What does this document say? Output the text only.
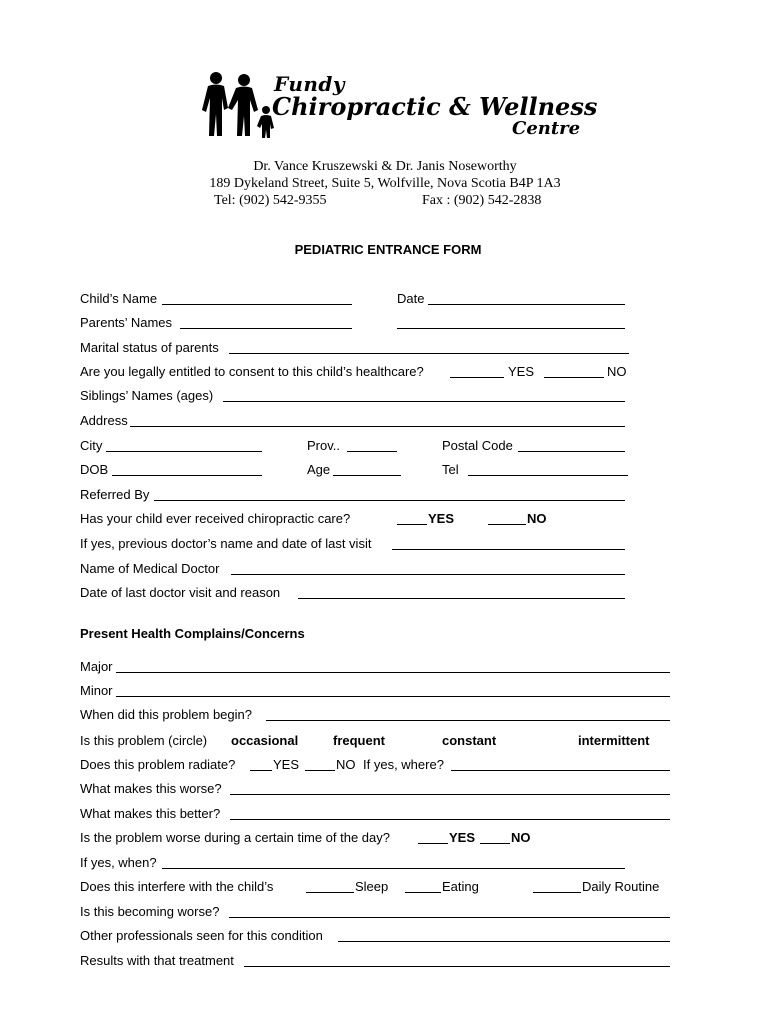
Fundy
Chiropractic & Wellness
Centre
Dr. Vance Kruszewski & Dr. Janis Noseworthy
189 Dykeland Street, Suite 5, Wolfville, Nova Scotia B4P 1A3
Tel: (902) 542-9355	Fax : (902) 542-2838
PEDIATRIC ENTRANCE FORM
Child’s Name	Date
Parents’ Names
Marital status of parents
Are you legally entitled to consent to this child’s healthcare?	YES	NO
Siblings’ Names (ages)
Address
City	Prov..	Postal Code
DOB	Age	Tel
Referred By
Has your child ever received chiropractic care?	YES	NO
If yes, previous doctor’s name and date of last visit
Name of Medical Doctor
Date of last doctor visit and reason
Present Health Complains/Concerns
Major
Minor
When did this problem begin?
Is this problem (circle) occasional	frequent	constant	intermittent
Does this problem radiate?	YES	NO If yes, where?
What makes this worse?
What makes this better?
Is the problem worse during a certain time of the day?	YES	NO
If yes, when?
Does this interfere with the child’s	Sleep	Eating	Daily Routine
Is this becoming worse?
Other professionals seen for this condition
Results with that treatment
